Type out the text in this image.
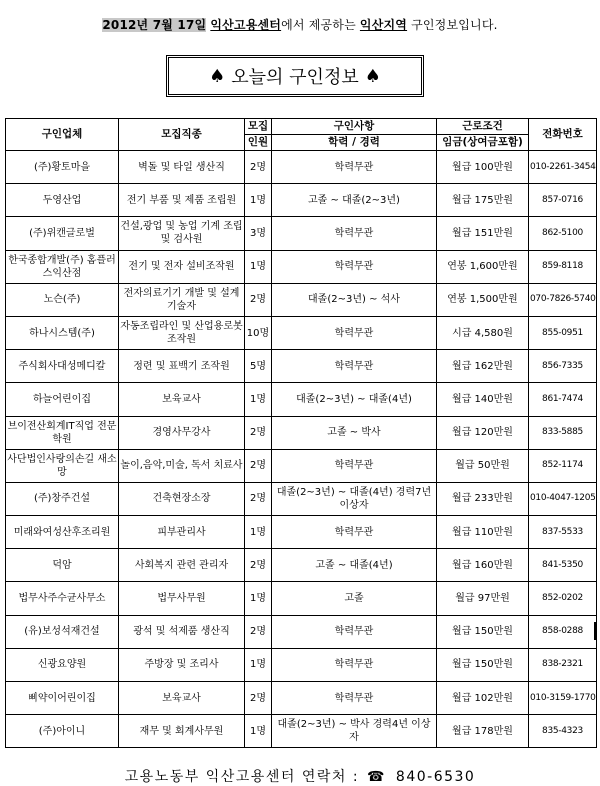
2012년 7월 17일 익산고용센터에서 제공하는 익산지역 구인정보입니다.
♠ 오늘의 구인정보 ♠
구인업체	모집직종	모집	구인사항	근로조건	전화번호
		인원	학력 / 경력	임금(상여금포함)	
(주)황토마을	벽돌 및 타일 생산직	2명	학력무관	월급 100만원	010-2261-3454
두영산업	전기 부품 및 제품 조립원	1명	고졸 ~ 대졸(2~3년)	월급 175만원	857-0716
(주)위캔글로벌	건설,광업 및 농업 기계 조립 및 검사원	3명	학력무관	월급 151만원	862-5100
한국종합개발(주) 홈플러스익산점	전기 및 전자 설비조작원	1명	학력무관	연봉 1,600만원	859-8118
노슨(주)	전자의료기기 개발 및 설계 기술자	2명	대졸(2~3년) ~ 석사	연봉 1,500만원	070-7826-5740
하나시스템(주)	자동조립라인 및 산업용로봇 조작원	10명	학력무관	시급 4,580원	855-0951
주식회사대성메디칼	정련 및 표백기 조작원	5명	학력무관	월급 162만원	856-7335
하늘어린이집	보육교사	1명	대졸(2~3년) ~ 대졸(4년)	월급 140만원	861-7474
브이전산회계IT직업 전문학원	경영사무강사	2명	고졸 ~ 박사	월급 120만원	833-5885
사단법인사랑의손길 새소망	놀이,음악,미술, 독서 치료사	2명	학력무관	월급 50만원	852-1174
(주)창주건설	건축현장소장	2명	대졸(2~3년) ~ 대졸(4년) 경력7년 이상자	월급 233만원	010-4047-1205
미래와여성산후조리원	피부관리사	1명	학력무관	월급 110만원	837-5533
덕암	사회복지 관련 관리자	2명	고졸 ~ 대졸(4년)	월급 160만원	841-5350
법무사주수균사무소	법무사무원	1명	고졸	월급 97만원	852-0202
(유)보성석재건설	광석 및 석제품 생산직	2명	학력무관	월급 150만원	858-0288
신광요양원	주방장 및 조리사	1명	학력무관	월급 150만원	838-2321
삐약이어린이집	보육교사	2명	학력무관	월급 102만원	010-3159-1770
(주)아이니	재무 및 회계사무원	1명	대졸(2~3년) ~ 박사 경력4년 이상자	월급 178만원	835-4323
고용노동부 익산고용센터 연락처 : ☎ 840-6530
